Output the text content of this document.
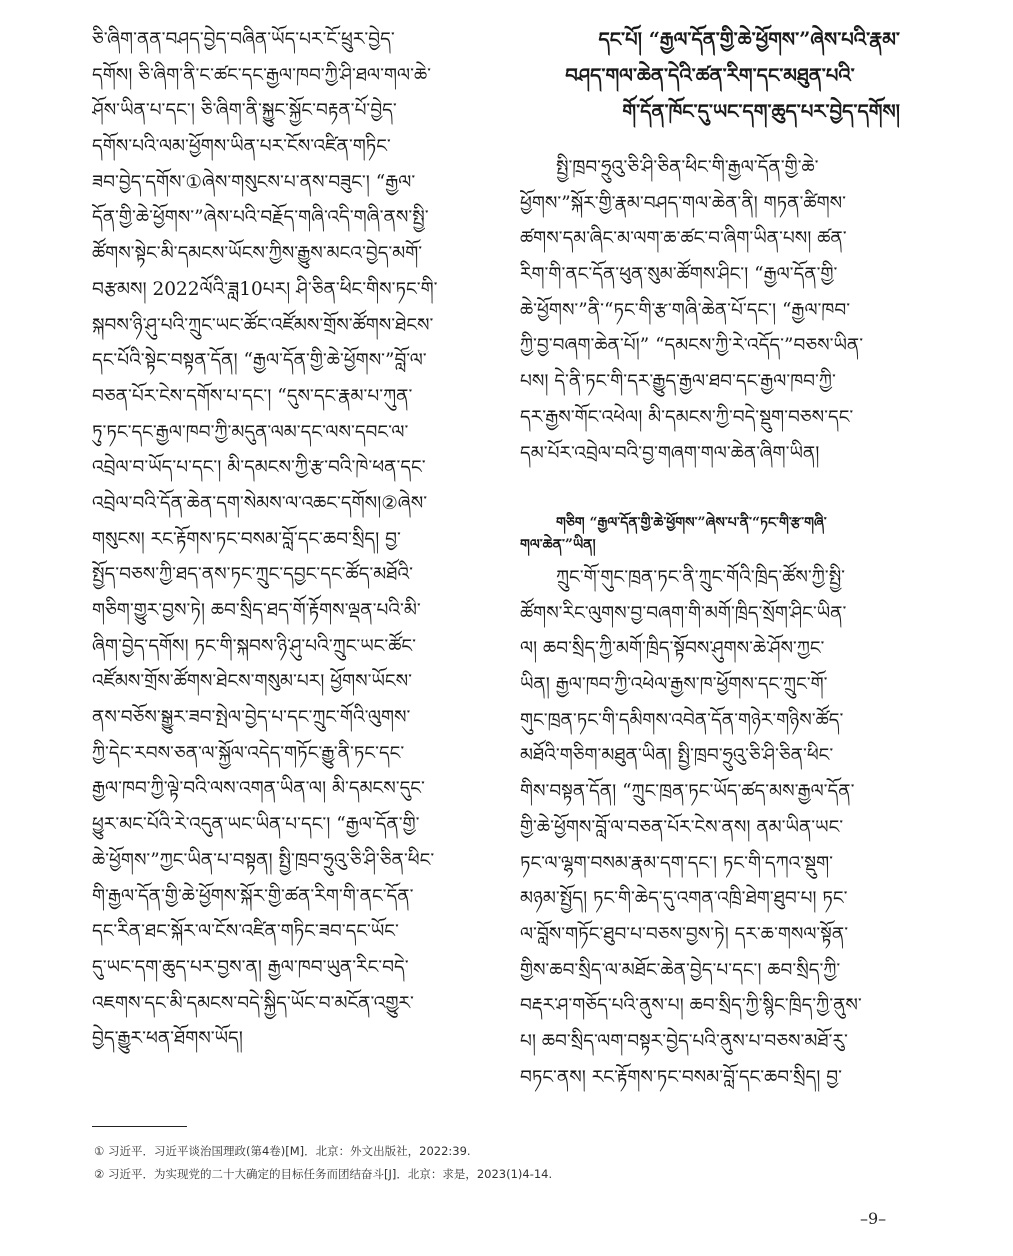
ཅི་ཞིག་ནན་བཤད་བྱེད་བཞིན་ཡོད་པར་ངོ་ཕྲུར་བྱེད་
དགོས། ཅི་ཞིག་ནི་ང་ཚང་དང་རྒྱལ་ཁབ་ཀྱི་ཤི་ཐལ་གལ་ཆེ་
ཤོས་ཡིན་པ་དང་། ཅི་ཞིག་ནི་སྐྱུང་སྐྱོང་བརྟན་པོ་བྱེད་
དགོས་པའི་ལམ་ཕྱོགས་ཡིན་པར་ངོས་འཛིན་གཏིང་
ཟབ་བྱེད་དགོས་①ཞེས་གསུངས་པ་ནས་བཟུང་། “རྒྱལ་
དོན་གྱི་ཆེ་ཕྱོགས་”ཞེས་པའི་བརྗོད་གཞི་འདི་གཞི་ནས་སྤྱི་
ཚོགས་སྟེང་མི་དམངས་ཡོངས་ཀྱིས་རྒྱུས་མངའ་བྱེད་མགོ་
བརྩམས། 2022ལོའི་ཟླ10པར། ཤི་ཅིན་ཕིང་གིས་ཏང་གི་
སྐབས་ཉི་ཤུ་པའི་ཀྲུང་ཡང་ཚོང་འཛོམས་གྲོས་ཚོགས་ཐེངས་
དང་པོའི་སྟེང་བསྟན་དོན། “རྒྱལ་དོན་གྱི་ཆེ་ཕྱོགས་”བློ་ལ་
བཅན་པོར་ངེས་དགོས་པ་དང་། “དུས་དང་རྣམ་པ་ཀུན་
ཏུ་ཏང་དང་རྒྱལ་ཁབ་ཀྱི་མདུན་ལམ་དང་ལས་དབང་ལ་
འབྲེལ་བ་ཡོད་པ་དང་། མི་དམངས་ཀྱི་རྩ་བའི་ཁེ་ཕན་དང་
འབྲེལ་བའི་དོན་ཆེན་དག་སེམས་ལ་འཆང་དགོས།②ཞེས་
གསུངས། རང་རྟོགས་ཏང་བསམ་བློ་དང་ཆབ་སྲིད། བྱ་
སྤྱོད་བཅས་ཀྱི་ཐད་ནས་ཏང་ཀྲུང་དབྱང་དང་ཚོད་མཐོའི་
གཅིག་གྱུར་བྱས་ཏེ། ཆབ་སྲིད་ཐད་གོ་རྟོགས་ལྡན་པའི་མི་
ཞིག་བྱེད་དགོས། ཏང་གི་སྐབས་ཉི་ཤུ་པའི་ཀྲུང་ཡང་ཚོང་
འཛོམས་གྲོས་ཚོགས་ཐེངས་གསུམ་པར། ཕྱོགས་ཡོངས་
ནས་བཅོས་སྒྱུར་ཟབ་སྤེལ་བྱེད་པ་དང་ཀྲུང་གོའི་ལུགས་
ཀྱི་དེང་རབས་ཅན་ལ་སྐྱོལ་འདེད་གཏོང་རྒྱུ་ནི་ཏང་དང་
རྒྱལ་ཁབ་ཀྱི་ལྟེ་བའི་ལས་འགན་ཡིན་ལ། མི་དམངས་དུང་
ཕྱུར་མང་པོའི་རེ་འདུན་ཡང་ཡིན་པ་དང་། “རྒྱལ་དོན་གྱི་
ཆེ་ཕྱོགས་”ཀྱང་ཡིན་པ་བསྟན། སྤྱི་ཁྲབ་ཧྲུའུ་ཅི་ཤི་ཅིན་ཕིང་
གི་རྒྱལ་དོན་གྱི་ཆེ་ཕྱོགས་སྐོར་གྱི་ཚན་རིག་གི་ནང་དོན་
དང་རིན་ཐང་སྐོར་ལ་ངོས་འཛིན་གཏིང་ཟབ་དང་ཡོང་
དུ་ཡང་དག་ཆུད་པར་བྱས་ན། རྒྱལ་ཁབ་ཡུན་རིང་བདེ་
འཇགས་དང་མི་དམངས་བདེ་སྐྱིད་ཡོང་བ་མངོན་འགྱུར་
བྱེད་རྒྱུར་ཕན་ཐོགས་ཡོད།
དང་པོ། “རྒྱལ་དོན་གྱི་ཆེ་ཕྱོགས་”ཞེས་པའི་རྣམ་
བཤད་གལ་ཆེན་དེའི་ཚན་རིག་དང་མཐུན་པའི་
གོ་དོན་ཁོང་དུ་ཡང་དག་ཆུད་པར་བྱེད་དགོས།
སྤྱི་ཁྲབ་ཧྲུའུ་ཅི་ཤི་ཅིན་ཕིང་གི་རྒྱལ་དོན་གྱི་ཆེ་
ཕྱོགས་”སྐོར་གྱི་རྣམ་བཤད་གལ་ཆེན་ནི། གཏན་ཚིགས་
ཚགས་དམ་ཞིང་མ་ལག་ཆ་ཚང་བ་ཞིག་ཡིན་པས། ཚན་
རིག་གི་ནང་དོན་ཕུན་སུམ་ཚོགས་ཤིང་། “རྒྱལ་དོན་གྱི་
ཆེ་ཕྱོགས་”ནི་“ཏང་གི་རྩ་གཞི་ཆེན་པོ་དང་། “རྒྱལ་ཁབ་
ཀྱི་བྱ་བཞག་ཆེན་པོ།” “དམངས་ཀྱི་རེ་འདོད་”བཅས་ཡིན་
པས། དེ་ནི་ཏང་གི་དར་རྒྱུད་རྒྱལ་ཐབ་དང་རྒྱལ་ཁབ་ཀྱི་
དར་རྒྱས་གོང་འཕེལ། མི་དམངས་ཀྱི་བདེ་སྡུག་བཅས་དང་
དམ་པོར་འབྲེལ་བའི་བྱ་གཞག་གལ་ཆེན་ཞིག་ཡིན།
གཅིག “རྒྱལ་དོན་གྱི་ཆེ་ཕྱོགས་”ཞེས་པ་ནི་“ཏང་གི་རྩ་གཞི་
གལ་ཆེན་”ཡིན།
ཀྲུང་གོ་གུང་ཁྲན་ཏང་ནི་ཀྲུང་གོའི་ཁྲིད་ཚོས་ཀྱི་སྤྱི་
ཚོགས་རིང་ལུགས་བྱ་བཞག་གི་མགོ་ཁྲིད་སྲོག་ཤིང་ཡིན་
ལ། ཆབ་སྲིད་ཀྱི་མགོ་ཁྲིད་སྟོབས་ཤུགས་ཆེ་ཤོས་ཀྱང་
ཡིན། རྒྱལ་ཁབ་ཀྱི་འཕེལ་རྒྱས་ཁ་ཕྱོགས་དང་ཀྲུང་གོ་
གུང་ཁྲན་ཏང་གི་དམིགས་འབེན་དོན་གཉེར་གཉིས་ཚོད་
མཐོའི་གཅིག་མཐུན་ཡིན། སྤྱི་ཁྲབ་ཧྲུའུ་ཅི་ཤི་ཅིན་ཕིང་
གིས་བསྟན་དོན། “ཀྲུང་ཁྲན་ཏང་ཡོད་ཚད་མས་རྒྱལ་དོན་
གྱི་ཆེ་ཕྱོགས་བློ་ལ་བཅན་པོར་ངེས་ནས། ནམ་ཡིན་ཡང་
ཏང་ལ་ལྷག་བསམ་རྣམ་དག་དང་། ཏང་གི་དཀའ་སྡུག་
མཉམ་སྤྱོད། ཏང་གི་ཆེད་དུ་འགན་འཁྲི་ཐེག་ཐུབ་པ། ཏང་
ལ་བློས་གཏོང་ཐུབ་པ་བཅས་བྱས་ཏེ། དར་ཆ་གསལ་སྟོན་
གྱིས་ཆབ་སྲིད་ལ་མཐོང་ཆེན་བྱེད་པ་དང་། ཆབ་སྲིད་ཀྱི་
བརྡར་ཤ་གཅོད་པའི་ནུས་པ། ཆབ་སྲིད་ཀྱི་སྙིང་ཁྲིད་ཀྱི་ནུས་
པ། ཆབ་སྲིད་ལག་བསྟར་བྱེད་པའི་ནུས་པ་བཅས་མཐོ་རུ་
བཏང་ནས། རང་རྟོགས་ཏང་བསམ་བློ་དང་ཆབ་སྲིད། བྱ་
① 习近平．习近平谈治国理政(第4卷)[M]．北京：外文出版社，2022:39.
② 习近平．为实现党的二十大确定的目标任务而团结奋斗[J]．北京：求是，2023(1)4-14.
–9–
